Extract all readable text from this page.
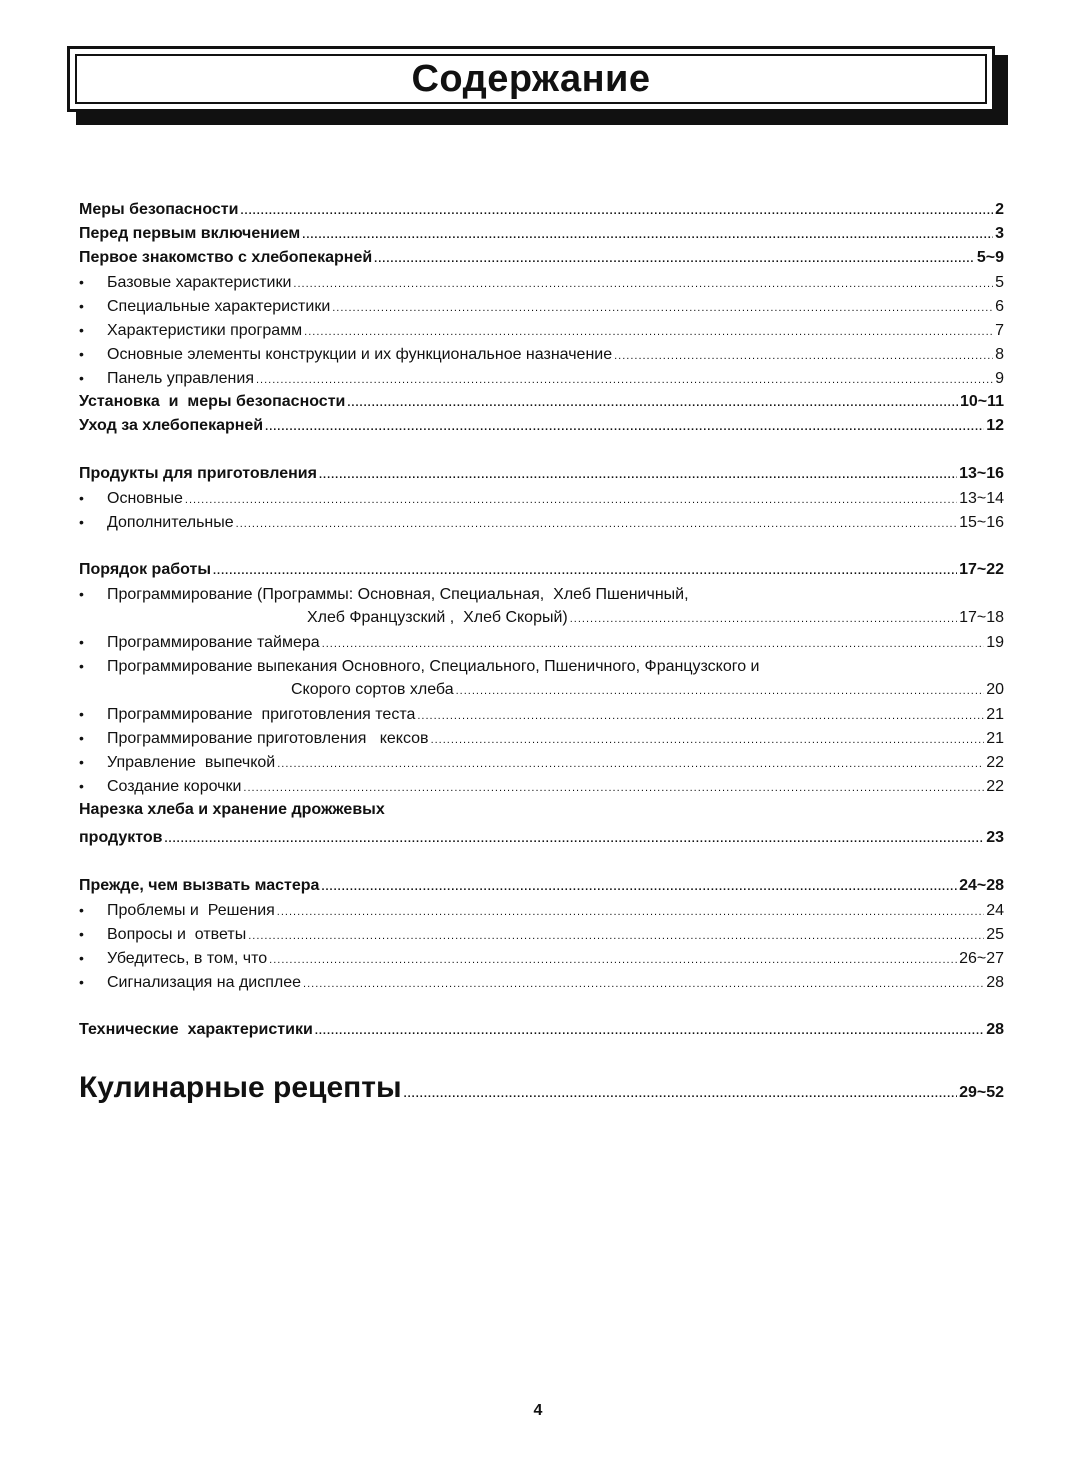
Содержание
Меры безопасности .....	2
Перед первым включением .....	3
Первое знакомство с хлебопекарней .....	5~9
•	Базовые характеристики .....	5
•	Специальные характеристики .....	6
•	Характеристики программ .....	7
•	Основные элементы конструкции и их функциональное назначение .....	8
•	Панель управления .....	9
Установка  и  меры безопасности .....	10~11
Уход за хлебопекарней .....	12
Продукты для приготовления .....	13~16
•	Основные .....	13~14
•	Дополнительные .....	15~16
Порядок работы .....	17~22
•	Программирование (Программы: Основная, Специальная,  Хлеб Пшеничный,
Хлеб Французский ,  Хлеб Скорый) .....	17~18
•	Программирование таймера .....	19
•	Программирование выпекания Основного, Специального, Пшеничного, Французского и
Скорого сортов хлеба .....	20
•	Программирование  приготовления теста .....	21
•	Программирование приготовления   кексов .....	21
•	Управление  выпечкой .....	22
•	Создание корочки .....	22
Нарезка хлеба и хранение дрожжевых
продуктов .....	23
Прежде, чем вызвать мастера .....	24~28
•	Проблемы и  Решения .....	24
•	Вопросы и  ответы .....	25
•	Убедитесь, в том, что .....	26~27
•	Сигнализация на дисплее .....	28
Технические  характеристики .....	28
Кулинарные рецепты .....	29~52
4
